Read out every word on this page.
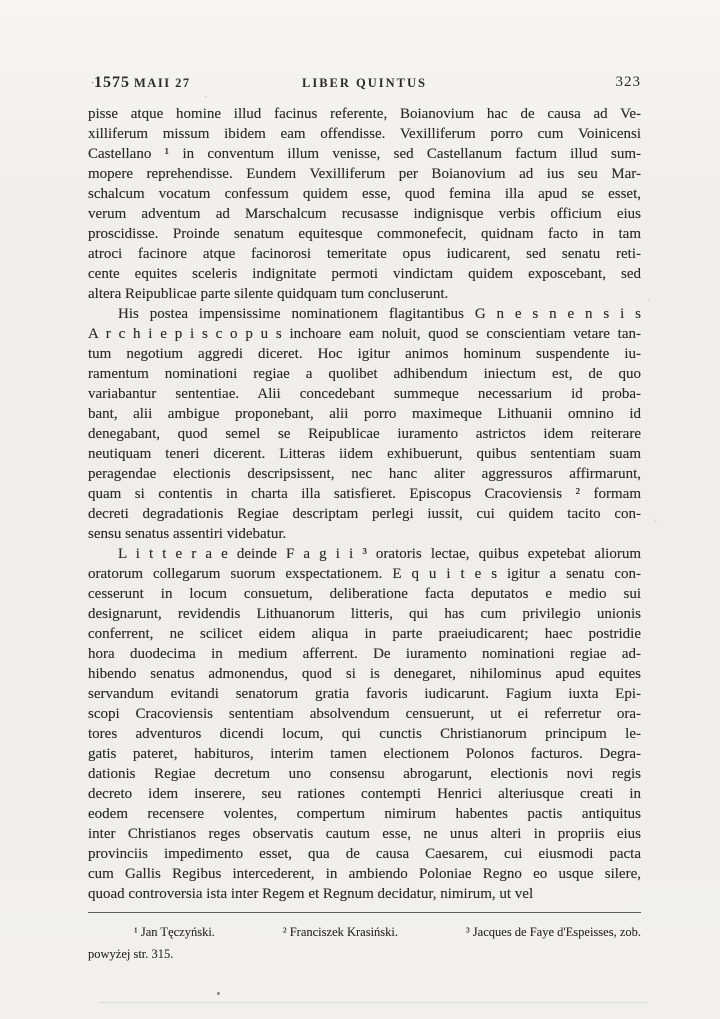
1575 MAII 27	LIBER QUINTUS	323
pisse atque homine illud facinus referente, Boianovium hac de causa ad Ve-
xilliferum missum ibidem eam offendisse. Vexilliferum porro cum Voinicensi
Castellano ¹ in conventum illum venisse, sed Castellanum factum illud sum-
mopere reprehendisse. Eundem Vexilliferum per Boianovium ad ius seu Mar-
schalcum vocatum confessum quidem esse, quod femina illa apud se esset,
verum adventum ad Marschalcum recusasse indignisque verbis officium eius
proscidisse. Proinde senatum equitesque commonefecit, quidnam facto in tam
atroci facinore atque facinorosi temeritate opus iudicarent, sed senatu reti-
cente equites sceleris indignitate permoti vindictam quidem exposcebant, sed
altera Reipublicae parte silente quidquam tum concluserunt.
His postea impensissime nominationem flagitantibus G n e s n e n s i s
A r c h i e p i s c o p u s inchoare eam noluit, quod se conscientiam vetare tan-
tum negotium aggredi diceret. Hoc igitur animos hominum suspendente iu-
ramentum nominationi regiae a quolibet adhibendum iniectum est, de quo
variabantur sententiae. Alii concedebant summeque necessarium id proba-
bant, alii ambigue proponebant, alii porro maximeque Lithuanii omnino id
denegabant, quod semel se Reipublicae iuramento astrictos idem reiterare
neutiquam teneri dicerent. Litteras iidem exhibuerunt, quibus sententiam suam
peragendae electionis descripsissent, nec hanc aliter aggressuros affirmarunt,
quam si contentis in charta illa satisfieret. Episcopus Cracoviensis ² formam
decreti degradationis Regiae descriptam perlegi iussit, cui quidem tacito con-
sensu senatus assentiri videbatur.
L i t t e r a e deinde F a g i i ³ oratoris lectae, quibus expetebat aliorum
oratorum collegarum suorum exspectationem. E q u i t e s igitur a senatu con-
cesserunt in locum consuetum, deliberatione facta deputatos e medio sui
designarunt, revidendis Lithuanorum litteris, qui has cum privilegio unionis
conferrent, ne scilicet eidem aliqua in parte praeiudicarent; haec postridie
hora duodecima in medium afferrent. De iuramento nominationi regiae ad-
hibendo senatus admonendus, quod si is denegaret, nihilominus apud equites
servandum evitandi senatorum gratia favoris iudicarunt. Fagium iuxta Epi-
scopi Cracoviensis sententiam absolvendum censuerunt, ut ei referretur ora-
tores adventuros dicendi locum, qui cunctis Christianorum principum le-
gatis pateret, habituros, interim tamen electionem Polonos facturos. Degra-
dationis Regiae decretum uno consensu abrogarunt, electionis novi regis
decreto idem inserere, seu rationes contempti Henrici alteriusque creati in
eodem recensere volentes, compertum nimirum habentes pactis antiquitus
inter Christianos reges observatis cautum esse, ne unus alteri in propriis eius
provinciis impedimento esset, qua de causa Caesarem, cui eiusmodi pacta
cum Gallis Regibus intercederent, in ambiendo Poloniae Regno eo usque silere,
quoad controversia ista inter Regem et Regnum decidatur, nimirum, ut vel
¹ Jan Tęczyński.	² Franciszek Krasiński.	³ Jacques de Faye d'Espeisses, zob.
powyżej str. 315.
